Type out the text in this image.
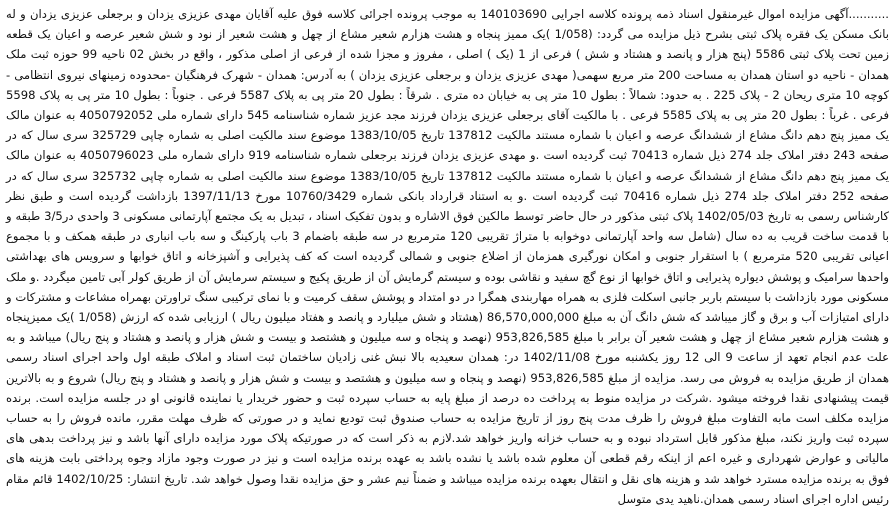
...........آگهی مزایده اموال غیرمنقول اسناد ذمه پرونده کلاسه اجرایی 140103690 به موجب پرونده اجرائی کلاسه فوق علیه آقایان مهدی عزیزی یزدان و برجعلی عزیزی یزدان و له بانک مسکن یک فقره پلاک ثبتی بشرح ذیل مزایده می گردد: (1/058 )یک ممیز پنجاه و هشت هزارم شعیر مشاع از چهل و هشت شعیر از نود و شش شعیر عرصه و اعیان یک قطعه زمین تحت پلاک ثبتی 5586 (پنج هزار و پانصد و هشتاد و شش ) فرعی از 1 (یک ) اصلی ، مفروز و مجزا شده از فرعی از اصلی مذکور ، واقع در بخش 02 ناحیه 99 حوزه ثبت ملک همدان - ناحیه دو استان همدان به مساحت 200 متر مربع سهمی( مهدی عزیزی یزدان و برجعلی عزیزی یزدان ) به آدرس: همدان - شهرک فرهنگیان -محدوده زمینهای نیروی انتظامی - کوچه 10 متری ریحان 2 - پلاک 225 . به حدود: شمالاً : بطول 10 متر پی به خیابان ده متری . شرقاً : بطول 20 متر پی به پلاک 5587 فرعی . جنوباً : بطول 10 متر پی به پلاک 5598 فرعی . غرباً : بطول 20 متر پی به پلاک 5585 فرعی . با مالکیت آقای برجعلی عزیزی یزدان فرزند مجد عزیز شماره شناسنامه 545 دارای شماره ملی 4050792052 به عنوان مالک یک ممیز پنج دهم دانگ مشاع از ششدانگ عرصه و اعیان با شماره مستند مالکیت 137812 تاریخ 1383/10/05 موضوع سند مالکیت اصلی به شماره چاپی 325729 سری سال که در صفحه 243 دفتر املاک جلد 274 ذیل شماره 70413 ثبت گردیده است .و مهدی عزیزی یزدان فرزند برجعلی شماره شناسنامه 919 دارای شماره ملی 4050796023 به عنوان مالک یک ممیز پنج دهم دانگ مشاع از ششدانگ عرصه و اعیان با شماره مستند مالکیت 137812 تاریخ 1383/10/05 موضوع سند مالکیت اصلی به شماره چاپی 325732 سری سال که در صفحه 252 دفتر املاک جلد 274 ذیل شماره 70416 ثبت گردیده است .و به استناد قرارداد بانکی شماره 10760/3429 مورخ 1397/11/13 بازداشت گردیده است و طبق نظر کارشناس رسمی به تاریخ 1402/05/03 پلاک ثبتی مذکور در حال حاضر توسط مالکین فوق الاشاره و بدون تفکیک اسناد ، تبدیل به یک مجتمع آپارتمانی مسکونی 3 واحدی در3/5 طبقه و با قدمت ساخت قریب به ده سال (شامل سه واحد آپارتمانی دوخوابه با متراژ تقریبی 120 مترمربع در سه طبقه باضمام 3 باب پارکینگ و سه باب انباری در طبقه همکف و با مجموع اعیانی تقریبی 520 مترمربع ) با استقرار جنوبی و امکان نورگیری همزمان از اضلاع جنوبی و شمالی گردیده است که کف پذیرایی و آشپزخانه و اتاق خوابها و سرویس های بهداشتی واحدها سرامیک و پوشش دیواره پذیرایی و اتاق خوابها از نوع گچ سفید و نقاشی بوده و سیستم گرمایش آن از طریق پکیج و سیستم سرمایش آن از طریق کولر آبی تامین میگردد .و ملک مسکونی مورد بازداشت با سیستم باربر جانبی اسکلت فلزی به همراه مهاربندی همگرا در دو امتداد و پوشش سقف کرمیت و با نمای ترکیبی سنگ تراورتن بهمراه مشاعات و مشترکات و دارای امتیازات آب و برق و گاز میباشد که شش دانگ آن به مبلغ 86,570,000,000 (هشتاد و شش میلیارد و پانصد و هفتاد میلیون ریال ) ارزیابی شده که ارزش (1/058 )یک ممیزپنجاه و هشت هزارم شعیر مشاع از چهل و هشت شعیر آن برابر با مبلغ 953,826,585 (نهصد و پنجاه و سه میلیون و هشتصد و بیست و شش هزار و پانصد و هشتاد و پنج ریال) میباشد و به علت عدم انجام تعهد از ساعت 9 الی 12 روز یکشنبه مورخ 1402/11/08 در: همدان سعیدیه بالا نبش غنی زادیان ساختمان ثبت اسناد و املاک طبقه اول واحد اجرای اسناد رسمی همدان از طریق مزایده به فروش می رسد. مزایده از مبلغ 953,826,585 (نهصد و پنجاه و سه میلیون و هشتصد و بیست و شش هزار و پانصد و هشتاد و پنج ریال) شروع و به بالاترین قیمت پیشنهادی نقدا فروخته میشود .شرکت در مزایده منوط به پرداخت ده درصد از مبلغ پایه به حساب سپرده ثبت و حضور خریدار یا نماینده قانونی او در جلسه مزایده است. برنده مزایده مکلف است مابه التفاوت مبلغ فروش را ظرف مدت پنج روز از تاریخ مزایده به حساب صندوق ثبت تودیع نماید و در صورتی که ظرف مهلت مقرر، مانده فروش را به حساب سپرده ثبت واریز نکند، مبلغ مذکور قابل استرداد نبوده و به حساب خزانه واریز خواهد شد.لازم به ذکر است که در صورتیکه پلاک مورد مزایده دارای آنها باشد و نیز پرداخت بدهی های مالیاتی و عوارض شهرداری و غیره اعم از اینکه رقم قطعی آن معلوم شده باشد یا نشده باشد به عهده برنده مزایده است و نیز در صورت وجود مازاد وجوه پرداختی بابت هزینه های فوق به برنده مزایده مسترد خواهد شد و هزینه های نقل و انتقال بعهده برنده مزایده میباشد و ضمناً نیم عشر و حق مزایده نقدا وصول خواهد شد. تاریخ انتشار: 1402/10/25 قائم مقام رئیس اداره اجرای اسناد رسمی همدان.ناهید یدی متوسل
